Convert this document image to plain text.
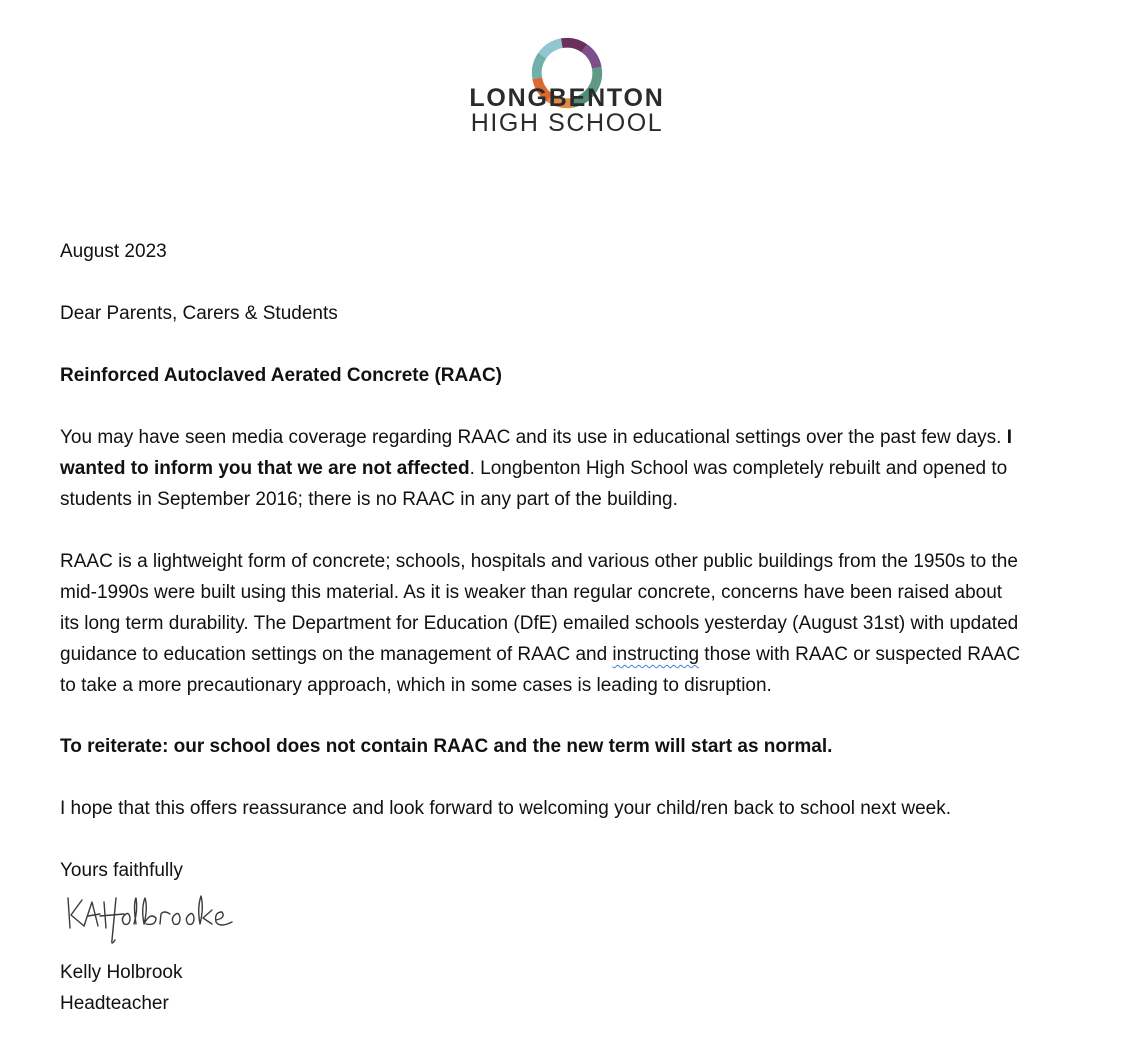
LONGBENTON
HIGH SCHOOL
August 2023
Dear Parents, Carers & Students
Reinforced Autoclaved Aerated Concrete (RAAC)
You may have seen media coverage regarding RAAC and its use in educational settings over the past few days. I
wanted to inform you that we are not affected. Longbenton High School was completely rebuilt and opened to
students in September 2016; there is no RAAC in any part of the building.
RAAC is a lightweight form of concrete; schools, hospitals and various other public buildings from the 1950s to the
mid-1990s were built using this material. As it is weaker than regular concrete, concerns have been raised about
its long term durability. The Department for Education (DfE) emailed schools yesterday (August 31st) with updated
guidance to education settings on the management of RAAC and instructing those with RAAC or suspected RAAC
to take a more precautionary approach, which in some cases is leading to disruption.
To reiterate: our school does not contain RAAC and the new term will start as normal.
I hope that this offers reassurance and look forward to welcoming your child/ren back to school next week.
Yours faithfully
Kelly Holbrook
Headteacher
